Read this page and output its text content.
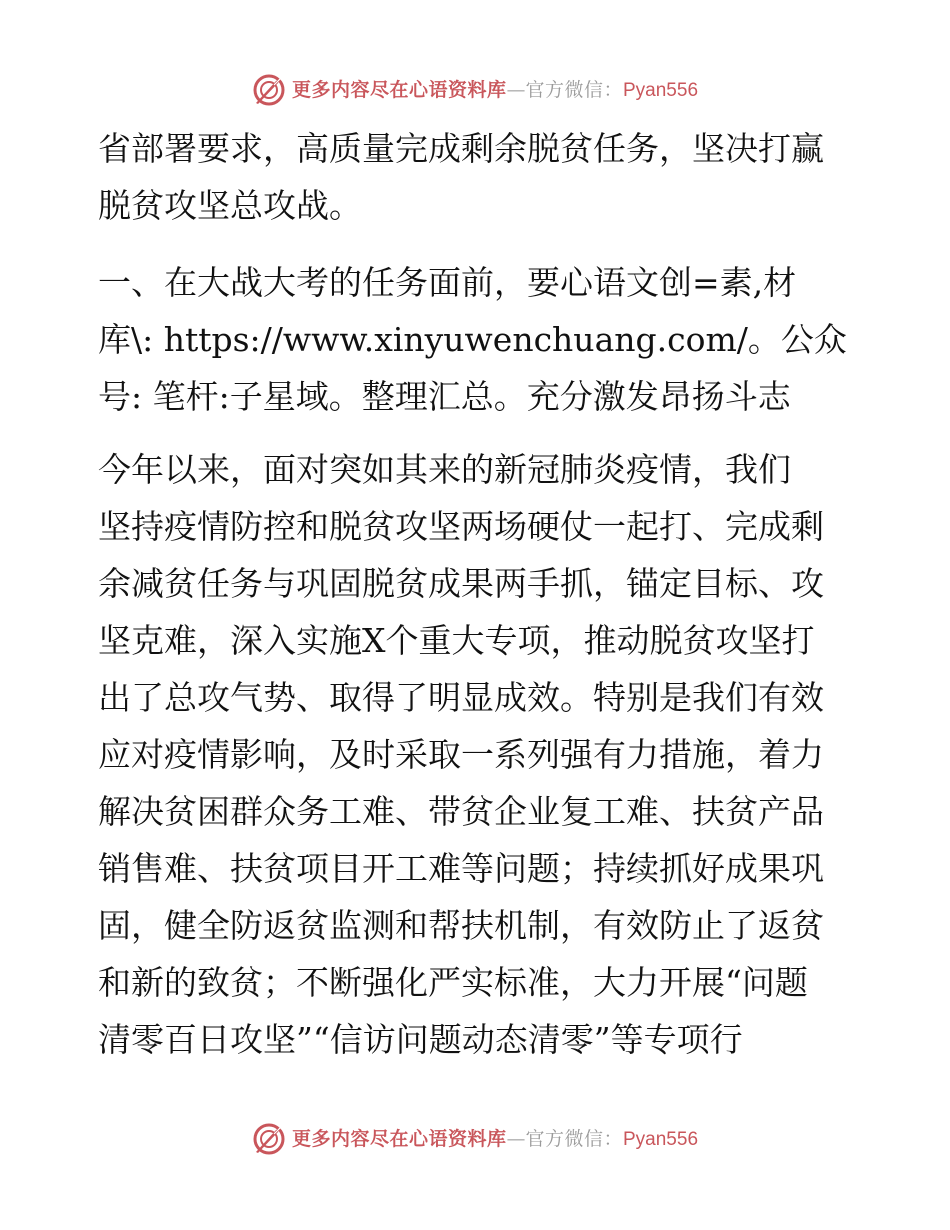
更多内容尽在心语资料库 — 官方微信： Pyan556

省部署要求，高质量完成剩余脱贫任务，坚决打赢
脱贫攻坚总攻战。

一、在大战大考的任务面前，要心语文创=素,材
库\: https://www.xinyuwenchuang.com/。公众
号: 笔杆:子星域。整理汇总。充分激发昂扬斗志

今年以来，面对突如其来的新冠肺炎疫情，我们
坚持疫情防控和脱贫攻坚两场硬仗一起打、完成剩
余减贫任务与巩固脱贫成果两手抓，锚定目标、攻
坚克难，深入实施X个重大专项，推动脱贫攻坚打
出了总攻气势、取得了明显成效。特别是我们有效
应对疫情影响，及时采取一系列强有力措施，着力
解决贫困群众务工难、带贫企业复工难、扶贫产品
销售难、扶贫项目开工难等问题；持续抓好成果巩
固，健全防返贫监测和帮扶机制，有效防止了返贫
和新的致贫；不断强化严实标准，大力开展“问题
清零百日攻坚”“信访问题动态清零”等专项行

更多内容尽在心语资料库 — 官方微信： Pyan556
